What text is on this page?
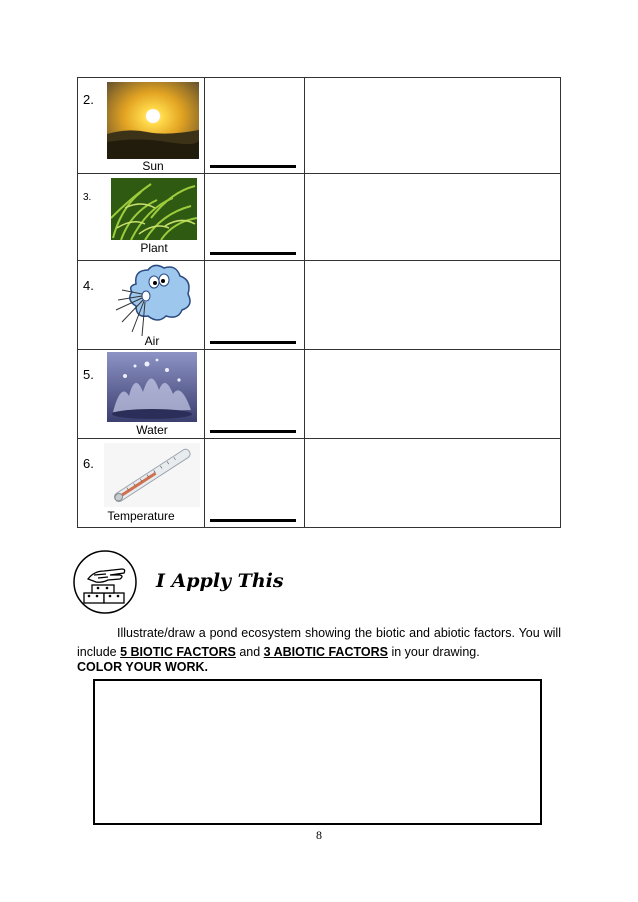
2.
Sun		

3.
Plant		

4.
Air		

5.
Water		

6.
Temperature		

I Apply This
Illustrate/draw a pond ecosystem showing the biotic and abiotic factors. You will include 5 BIOTIC FACTORS and 3 ABIOTIC FACTORS in your drawing.
COLOR YOUR WORK.
8
